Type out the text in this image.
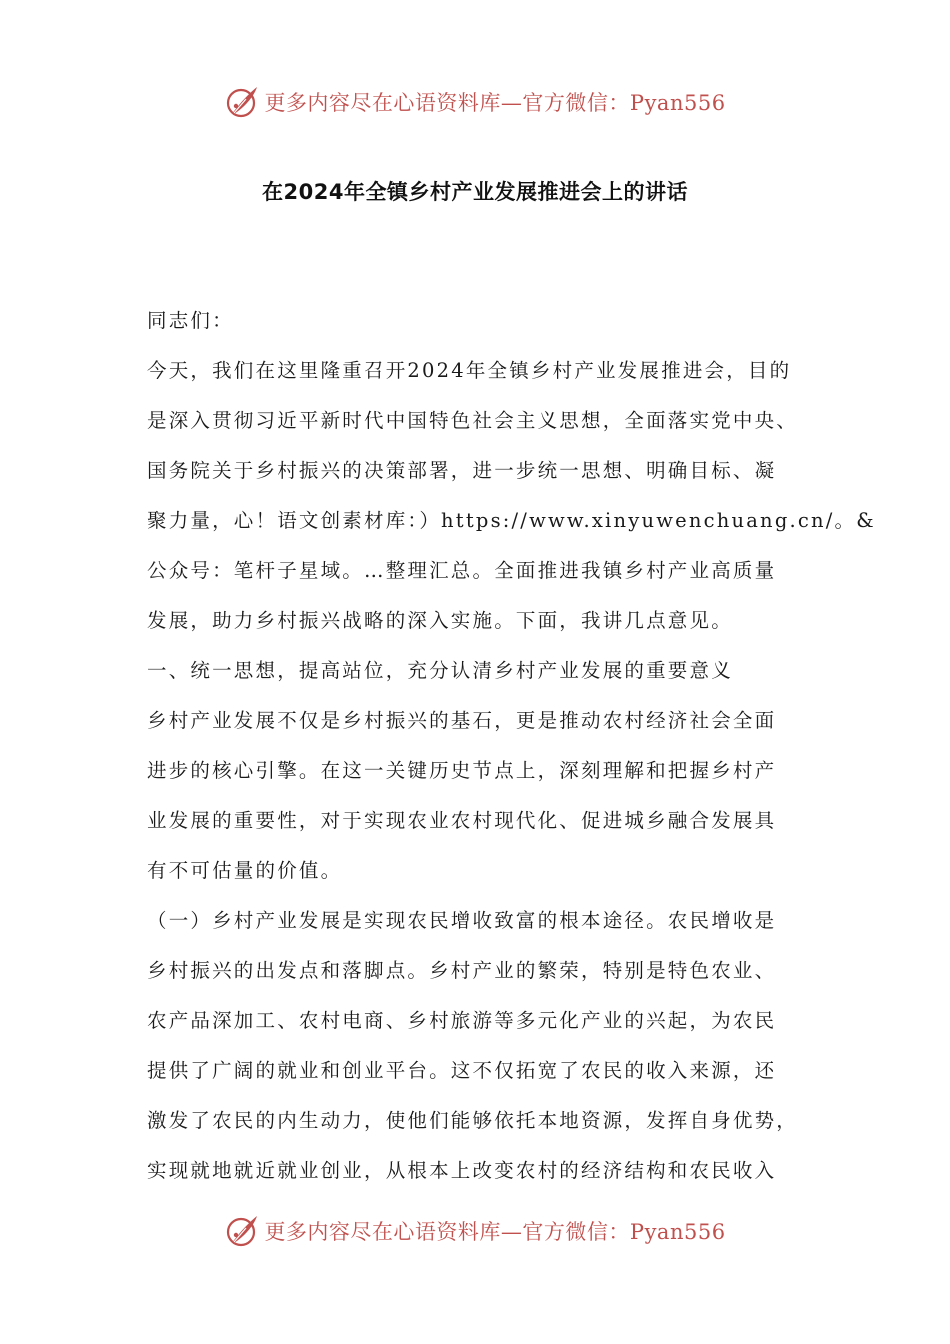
更多内容尽在心语资料库—官方微信：Pyan556
在2024年全镇乡村产业发展推进会上的讲话
同志们：
今天，我们在这里隆重召开2024年全镇乡村产业发展推进会，目的
是深入贯彻习近平新时代中国特色社会主义思想，全面落实党中央、
国务院关于乡村振兴的决策部署，进一步统一思想、明确目标、凝
聚力量，心！语文创素材库：）https://www.xinyuwenchuang.cn/。&
公众号：笔杆子星域。…整理汇总。全面推进我镇乡村产业高质量
发展，助力乡村振兴战略的深入实施。下面，我讲几点意见。
一、统一思想，提高站位，充分认清乡村产业发展的重要意义
乡村产业发展不仅是乡村振兴的基石，更是推动农村经济社会全面
进步的核心引擎。在这一关键历史节点上，深刻理解和把握乡村产
业发展的重要性，对于实现农业农村现代化、促进城乡融合发展具
有不可估量的价值。
（一）乡村产业发展是实现农民增收致富的根本途径。农民增收是
乡村振兴的出发点和落脚点。乡村产业的繁荣，特别是特色农业、
农产品深加工、农村电商、乡村旅游等多元化产业的兴起，为农民
提供了广阔的就业和创业平台。这不仅拓宽了农民的收入来源，还
激发了农民的内生动力，使他们能够依托本地资源，发挥自身优势，
实现就地就近就业创业，从根本上改变农村的经济结构和农民收入
更多内容尽在心语资料库—官方微信：Pyan556
